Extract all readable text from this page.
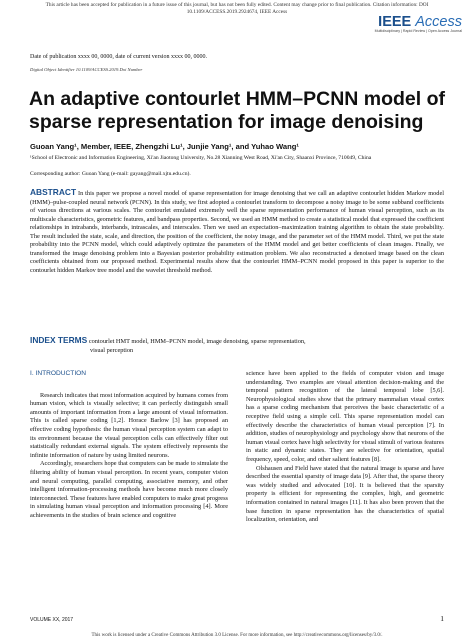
This article has been accepted for publication in a future issue of this journal, but has not been fully edited. Content may change prior to final publication. Citation information: DOI
10.1109/ACCESS.2019.2924674, IEEE Access
IEEE Access
Multidisciplinary | Rapid Review | Open Access Journal
Date of publication xxxx 00, 0000, date of current version xxxx 00, 0000.
Digital Object Identifier 10.1109/ACCESS.2019.Doi Number
An adaptive contourlet HMM–PCNN model of sparse representation for image denoising
Guoan Yang¹, Member, IEEE, Zhengzhi Lu¹, Junjie Yang¹, and Yuhao Wang¹
¹School of Electronic and Information Engineering, Xi'an Jiaotong University, No.28 Xianning West Road, Xi'an City, Shaanxi Province, 710049, China
Corresponding author: Guoan Yang (e-mail: gayang@mail.xjtu.edu.cn).
ABSTRACT In this paper we propose a novel model of sparse representation for image denoising that we call an adaptive contourlet hidden Markov model (HMM)–pulse-coupled neural network (PCNN). In this study, we first adopted a contourlet transform to decompose a noisy image to be some subband coefficients of various directions at various scales. The contourlet emulated extremely well the sparse representation performance of human visual perception, such as its multiscale characteristics, geometric features, and bandpass properties. Second, we used an HMM method to create a statistical model that expressed the coefficient relationships in intrabands, interbands, intrascales, and interscales. Then we used an expectation–maximization training algorithm to obtain the state probability. The result included the state, scale, and direction, the position of the coefficient, the noisy image, and the parameter set of the HMM model. Third, we put the state probability into the PCNN model, which could adaptively optimize the parameters of the HMM model and get better coefficients of clean images. Finally, we transformed the image denoising problem into a Bayesian posterior probability estimation problem. We also reconstructed a denoised image based on the clean coefficients obtained from our proposed method. Experimental results show that the contourlet HMM–PCNN model proposed in this paper is superior to the contourlet hidden Markov tree model and the wavelet threshold method.
INDEX TERMS contourlet HMT model, HMM–PCNN model, image denoising, sparse representation,
visual perception
I. INTRODUCTION

Research indicates that most information acquired by humans comes from human vision, which is visually selective; it can perfectly distinguish small amounts of important information from a large amount of visual information. This is called sparse coding [1,2]. Horace Barlow [3] has proposed an effective coding hypothesis: the human visual perception system can adapt to its environment because the visual perception cells can effectively filter out statistically redundant external signals. The system effectively represents the infinite information of nature by using limited neurons.

Accordingly, researchers hope that computers can be made to simulate the filtering ability of human visual perception. In recent years, computer vision and neural computing, parallel computing, associative memory, and other intelligent information-processing methods have become much more closely interconnected. These features have enabled computers to make great progress in simulating human visual perception and information processing [4]. More achievements in the studies of brain science and cognitive

science have been applied to the fields of computer vision and image understanding. Two examples are visual attention decision-making and the temporal pattern recognition of the lateral temporal lobe [5,6]. Neurophysiological studies show that the primary mammalian visual cortex has a sparse coding mechanism that perceives the basic characteristic of a receptive field using a simple cell. This sparse representation model can effectively describe the characteristics of human visual perception [7]. In addition, studies of neurophysiology and psychology show that neurons of the human visual cortex have high selectivity for visual stimuli of various features in static and dynamic states. They are selective for orientation, spatial frequency, speed, color, and other salient features [8].

Olshausen and Field have stated that the natural image is sparse and have described the essential sparsity of image data [9]. After that, the sparse theory was widely studied and advocated [10]. It is believed that the sparsity property is efficient for representing the complex, high, and geometric information contained in natural images [11]. It has also been proven that the base function in sparse representation has the characteristics of spatial localization, orientation, and

VOLUME XX, 2017	1
This work is licensed under a Creative Commons Attribution 3.0 License. For more information, see http://creativecommons.org/licenses/by/3.0/.
